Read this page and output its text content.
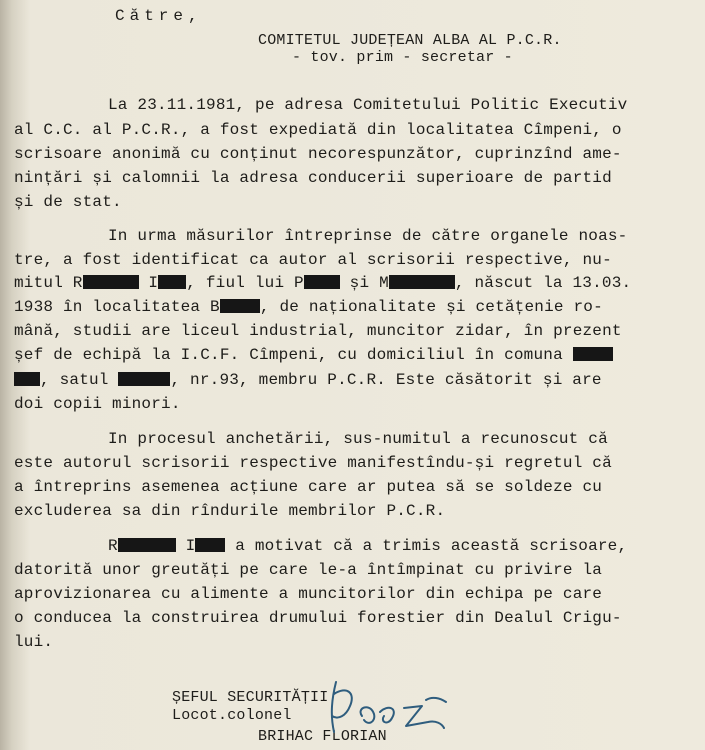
Către,
COMITETUL JUDEȚEAN ALBA AL P.C.R.
- tov. prim - secretar -
La 23.11.1981, pe adresa Comitetului Politic Executiv
al C.C. al P.C.R., a fost expediată din localitatea Cîmpeni, o
scrisoare anonimă cu conținut necorespunzător, cuprinzînd ame-
nințări și calomnii la adresa conducerii superioare de partid
și de stat.
In urma măsurilor întreprinse de către organele noas-
tre, a fost identificat ca autor al scrisorii respective, nu-
mitul R	I , fiul lui P și M	, născut la 13.03.
1938 în localitatea B	, de naționalitate și cetățenie ro-
mână, studii are liceul industrial, muncitor zidar, în prezent
șef de echipă la I.C.F. Cîmpeni, cu domiciliul în comuna
, satul	, nr.93, membru P.C.R. Este căsătorit și are
doi copii minori.
In procesul anchetării, sus-numitul a recunoscut că
este autorul scrisorii respective manifestîndu-și regretul că
a întreprins asemenea acțiune care ar putea să se soldeze cu
excluderea sa din rîndurile membrilor P.C.R.
R	I a motivat că a trimis această scrisoare,
datorită unor greutăți pe care le-a întîmpinat cu privire la
aprovizionarea cu alimente a muncitorilor din echipa pe care
o conducea la construirea drumului forestier din Dealul Crigu-
lui.
ȘEFUL SECURITĂȚII
Locot.colonel
BRIHAC FLORIAN
